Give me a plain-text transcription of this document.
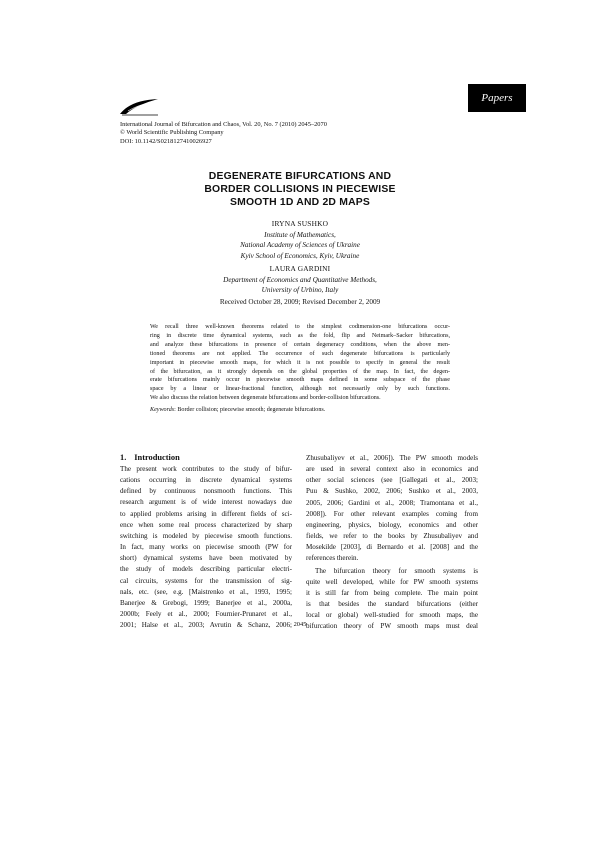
Papers
International Journal of Bifurcation and Chaos, Vol. 20, No. 7 (2010) 2045–2070
© World Scientific Publishing Company
DOI: 10.1142/S0218127410026927
DEGENERATE BIFURCATIONS AND
BORDER COLLISIONS IN PIECEWISE
SMOOTH 1D AND 2D MAPS
IRYNA SUSHKO
Institute of Mathematics,
National Academy of Sciences of Ukraine
Kyiv School of Economics, Kyiv, Ukraine
LAURA GARDINI
Department of Economics and Quantitative Methods,
University of Urbino, Italy
Received October 28, 2009; Revised December 2, 2009
We recall three well-known theorems related to the simplest codimension-one bifurcations occur-
ring in discrete time dynamical systems, such as the fold, flip and Neimark–Sacker bifurcations,
and analyze these bifurcations in presence of certain degeneracy conditions, when the above men-
tioned theorems are not applied. The occurrence of such degenerate bifurcations is particularly
important in piecewise smooth maps, for which it is not possible to specify in general the result
of the bifurcation, as it strongly depends on the global properties of the map. In fact, the degen-
erate bifurcations mainly occur in piecewise smooth maps defined in some subspace of the phase
space by a linear or linear-fractional function, although not necessarily only by such functions.
We also discuss the relation between degenerate bifurcations and border-collision bifurcations.
Keywords: Border collision; piecewise smooth; degenerate bifurcations.
1. Introduction
The present work contributes to the study of bifur-
cations occurring in discrete dynamical systems
defined by continuous nonsmooth functions. This
research argument is of wide interest nowadays due
to applied problems arising in different fields of sci-
ence when some real process characterized by sharp
switching is modeled by piecewise smooth functions.
In fact, many works on piecewise smooth (PW for
short) dynamical systems have been motivated by
the study of models describing particular electri-
cal circuits, systems for the transmission of sig-
nals, etc. (see, e.g. [Maistrenko et al., 1993, 1995;
Banerjee & Grebogi, 1999; Banerjee et al., 2000a,
2000b; Feely et al., 2000; Fournier-Prunaret et al.,
2001; Halse et al., 2003; Avrutin & Schanz, 2006;
Zhusubaliyev et al., 2006]). The PW smooth models
are used in several context also in economics and
other social sciences (see [Gallegati et al., 2003;
Puu & Sushko, 2002, 2006; Sushko et al., 2003,
2005, 2006; Gardini et al., 2008; Tramontana et al.,
2008]). For other relevant examples coming from
engineering, physics, biology, economics and other
fields, we refer to the books by Zhusubaliyev and
Mosekilde [2003], di Bernardo et al. [2008] and the
references therein.
The bifurcation theory for smooth systems is
quite well developed, while for PW smooth systems
it is still far from being complete. The main point
is that besides the standard bifurcations (either
local or global) well-studied for smooth maps, the
bifurcation theory of PW smooth maps must deal
2045
